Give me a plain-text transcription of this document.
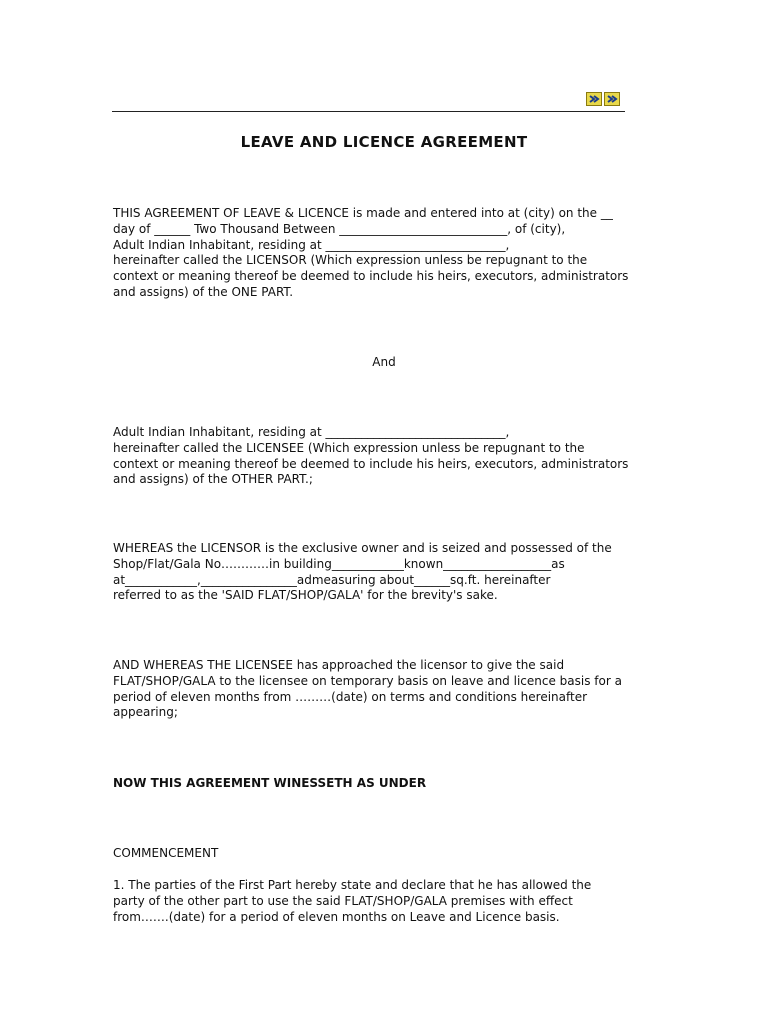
LEAVE AND LICENCE AGREEMENT

THIS AGREEMENT OF LEAVE & LICENCE is made and entered into at (city) on the __
day of ______ Two Thousand Between ____________________________, of (city),
Adult Indian Inhabitant, residing at ______________________________,
hereinafter called the LICENSOR (Which expression unless be repugnant to the
context or meaning thereof be deemed to include his heirs, executors, administrators
and assigns) of the ONE PART.

And

Adult Indian Inhabitant, residing at ______________________________,
hereinafter called the LICENSEE (Which expression unless be repugnant to the
context or meaning thereof be deemed to include his heirs, executors, administrators
and assigns) of the OTHER PART.;

WHEREAS the LICENSOR is the exclusive owner and is seized and possessed of the
Shop/Flat/Gala No…………in building____________known__________________as
at____________,________________admeasuring about______sq.ft. hereinafter
referred to as the 'SAID FLAT/SHOP/GALA' for the brevity's sake.

AND WHEREAS THE LICENSEE has approached the licensor to give the said
FLAT/SHOP/GALA to the licensee on temporary basis on leave and licence basis for a
period of eleven months from ………(date) on terms and conditions hereinafter
appearing;

NOW THIS AGREEMENT WINESSETH AS UNDER

COMMENCEMENT

1. The parties of the First Part hereby state and declare that he has allowed the
party of the other part to use the said FLAT/SHOP/GALA premises with effect
from…….(date) for a period of eleven months on Leave and Licence basis.
